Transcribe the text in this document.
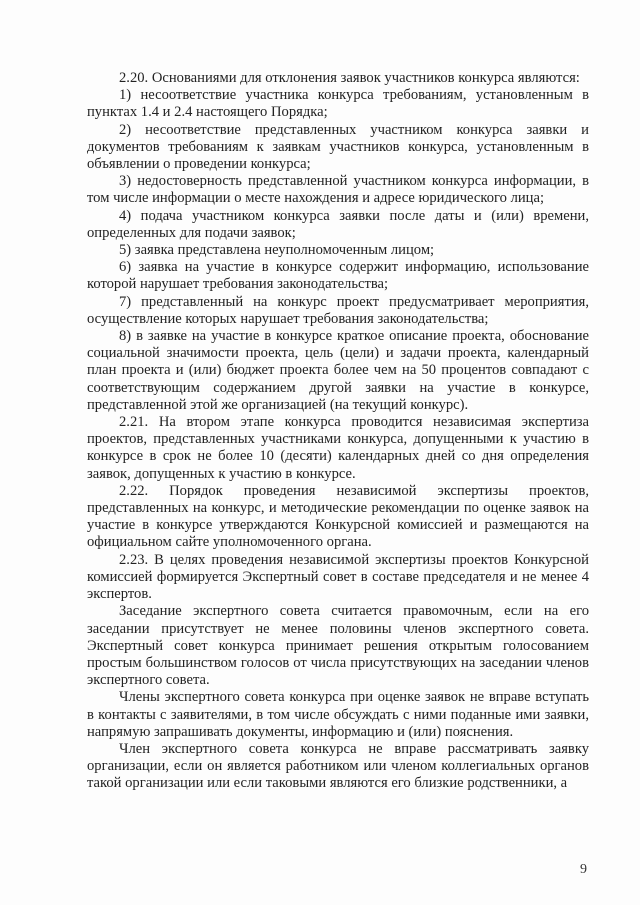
2.20. Основаниями для отклонения заявок участников конкурса являются:

1) несоответствие участника конкурса требованиям, установленным в пунктах 1.4 и 2.4 настоящего Порядка;

2) несоответствие представленных участником конкурса заявки и документов требованиям к заявкам участников конкурса, установленным в объявлении о проведении конкурса;

3) недостоверность представленной участником конкурса информации, в том числе информации о месте нахождения и адресе юридического лица;

4) подача участником конкурса заявки после даты и (или) времени, определенных для подачи заявок;

5) заявка представлена неуполномоченным лицом;

6) заявка на участие в конкурсе содержит информацию, использование которой нарушает требования законодательства;

7) представленный на конкурс проект предусматривает мероприятия, осуществление которых нарушает требования законодательства;

8) в заявке на участие в конкурсе краткое описание проекта, обоснование социальной значимости проекта, цель (цели) и задачи проекта, календарный план проекта и (или) бюджет проекта более чем на 50 процентов совпадают с соответствующим содержанием другой заявки на участие в конкурсе, представленной этой же организацией (на текущий конкурс).

2.21. На втором этапе конкурса проводится независимая экспертиза проектов, представленных участниками конкурса, допущенными к участию в конкурсе в срок не более 10 (десяти) календарных дней со дня определения заявок, допущенных к участию в конкурсе.

2.22. Порядок проведения независимой экспертизы проектов, представленных на конкурс, и методические рекомендации по оценке заявок на участие в конкурсе утверждаются Конкурсной комиссией и размещаются на официальном сайте уполномоченного органа.

2.23. В целях проведения независимой экспертизы проектов Конкурсной комиссией формируется Экспертный совет в составе председателя и не менее 4 экспертов.

Заседание экспертного совета считается правомочным, если на его заседании присутствует не менее половины членов экспертного совета. Экспертный совет конкурса принимает решения открытым голосованием простым большинством голосов от числа присутствующих на заседании членов экспертного совета.

Члены экспертного совета конкурса при оценке заявок не вправе вступать в контакты с заявителями, в том числе обсуждать с ними поданные ими заявки, напрямую запрашивать документы, информацию и (или) пояснения.

Член экспертного совета конкурса не вправе рассматривать заявку организации, если он является работником или членом коллегиальных органов такой организации или если таковыми являются его близкие родственники, а

9
